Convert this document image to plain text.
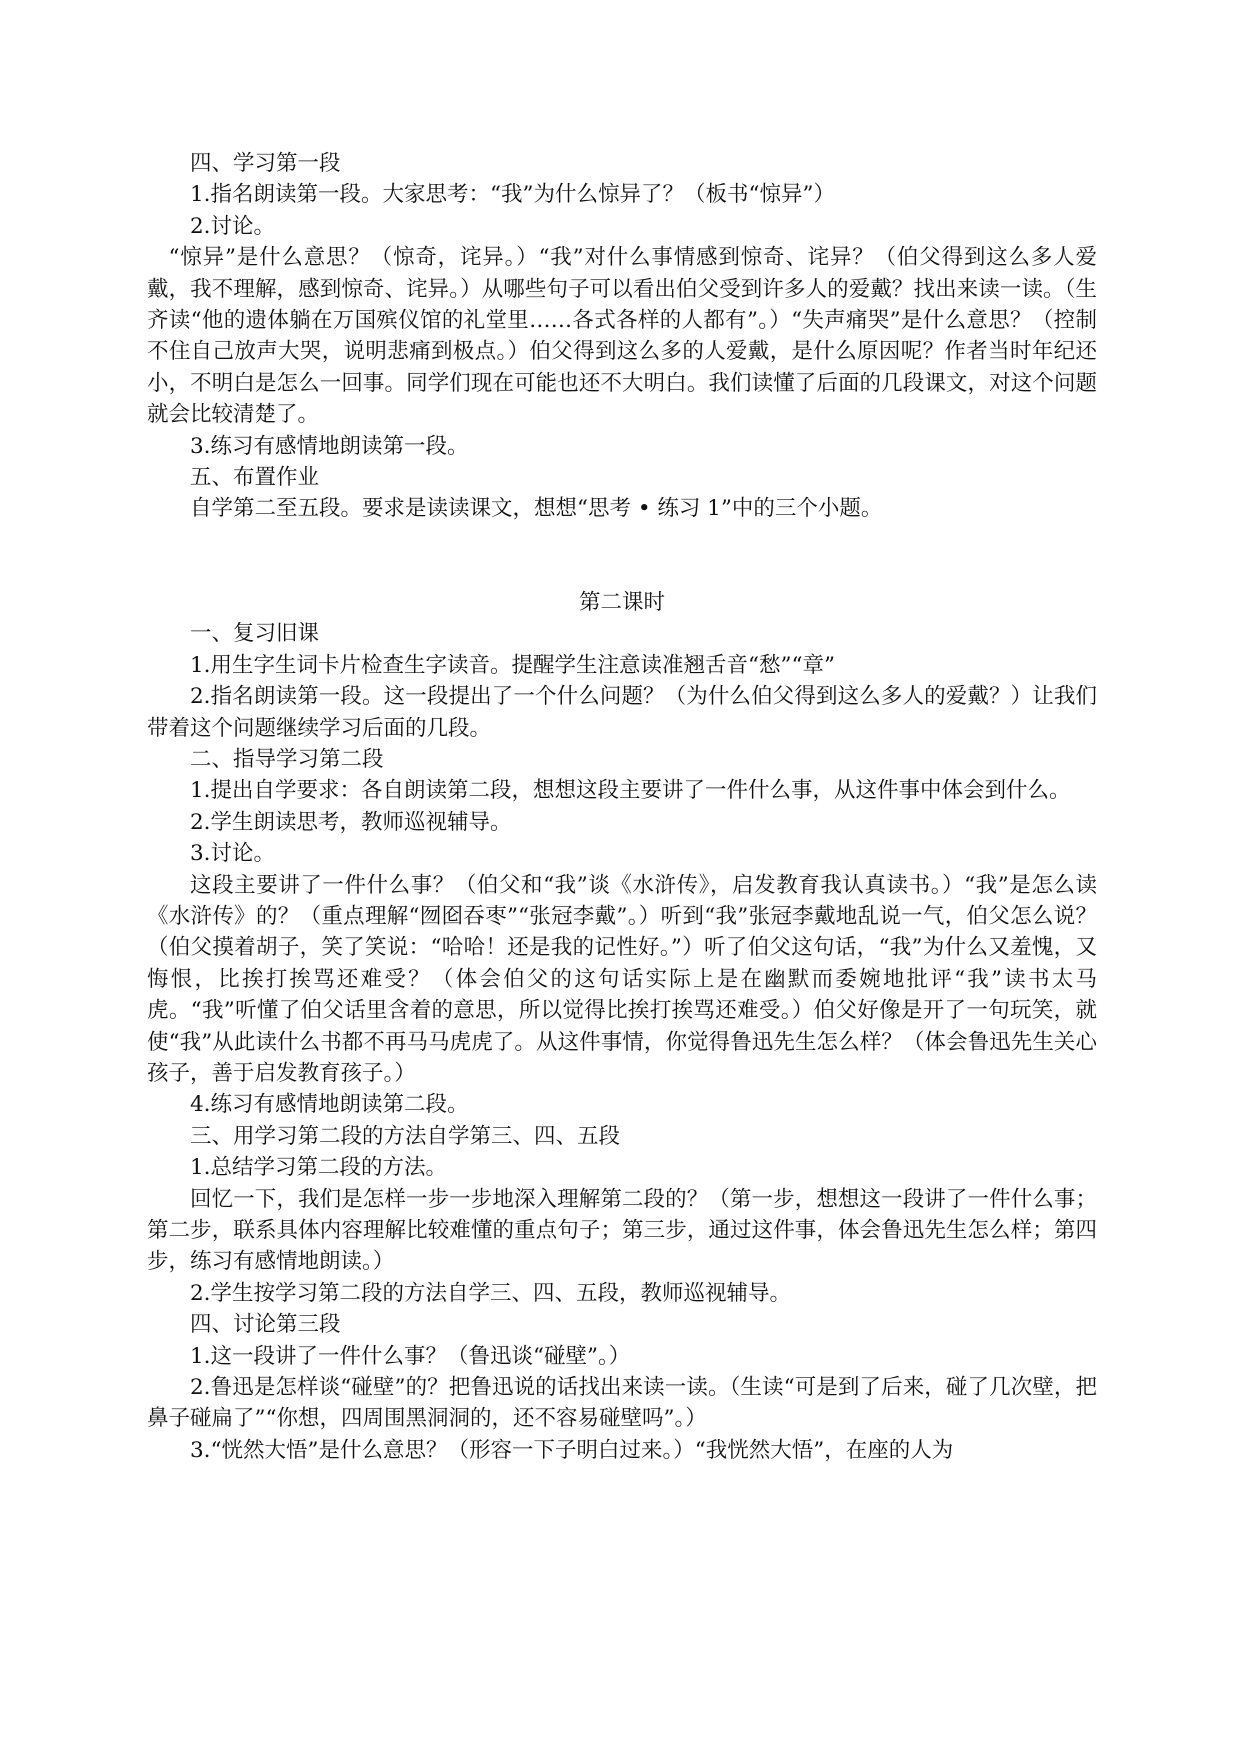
四、学习第一段

1.指名朗读第一段。大家思考：“我”为什么惊异了？（板书“惊异”）

2.讨论。

“惊异”是什么意思？（惊奇，诧异。）“我”对什么事情感到惊奇、诧异？（伯父得到这么多人爱戴，我不理解，感到惊奇、诧异。）从哪些句子可以看出伯父受到许多人的爱戴？找出来读一读。（生齐读“他的遗体躺在万国殡仪馆的礼堂里……各式各样的人都有”。）“失声痛哭”是什么意思？（控制不住自己放声大哭，说明悲痛到极点。）伯父得到这么多的人爱戴，是什么原因呢？作者当时年纪还小，不明白是怎么一回事。同学们现在可能也还不大明白。我们读懂了后面的几段课文，对这个问题就会比较清楚了。

3.练习有感情地朗读第一段。

五、布置作业

自学第二至五段。要求是读读课文，想想“思考 • 练习 1”中的三个小题。

第二课时

一、复习旧课

1.用生字生词卡片检查生字读音。提醒学生注意读准翘舌音“愁”“章”

2.指名朗读第一段。这一段提出了一个什么问题？（为什么伯父得到这么多人的爱戴？）让我们带着这个问题继续学习后面的几段。

二、指导学习第二段

1.提出自学要求：各自朗读第二段，想想这段主要讲了一件什么事，从这件事中体会到什么。

2.学生朗读思考，教师巡视辅导。

3.讨论。

这段主要讲了一件什么事？（伯父和“我”谈《水浒传》，启发教育我认真读书。）“我”是怎么读《水浒传》的？（重点理解“囫囵吞枣”“张冠李戴”。）听到“我”张冠李戴地乱说一气，伯父怎么说？（伯父摸着胡子，笑了笑说：“哈哈！还是我的记性好。”）听了伯父这句话，“我”为什么又羞愧，又悔恨，比挨打挨骂还难受？（体会伯父的这句话实际上是在幽默而委婉地批评“我”读书太马虎。“我”听懂了伯父话里含着的意思，所以觉得比挨打挨骂还难受。）伯父好像是开了一句玩笑，就使“我”从此读什么书都不再马马虎虎了。从这件事情，你觉得鲁迅先生怎么样？（体会鲁迅先生关心孩子，善于启发教育孩子。）

4.练习有感情地朗读第二段。

三、用学习第二段的方法自学第三、四、五段

1.总结学习第二段的方法。

回忆一下，我们是怎样一步一步地深入理解第二段的？（第一步，想想这一段讲了一件什么事；第二步，联系具体内容理解比较难懂的重点句子；第三步，通过这件事，体会鲁迅先生怎么样；第四步，练习有感情地朗读。）

2.学生按学习第二段的方法自学三、四、五段，教师巡视辅导。

四、讨论第三段

1.这一段讲了一件什么事？（鲁迅谈“碰壁”。）

2.鲁迅是怎样谈“碰壁”的？把鲁迅说的话找出来读一读。（生读“可是到了后来，碰了几次壁，把鼻子碰扁了”“你想，四周围黑洞洞的，还不容易碰壁吗”。）

3.“恍然大悟”是什么意思？（形容一下子明白过来。）“我恍然大悟”，在座的人为
